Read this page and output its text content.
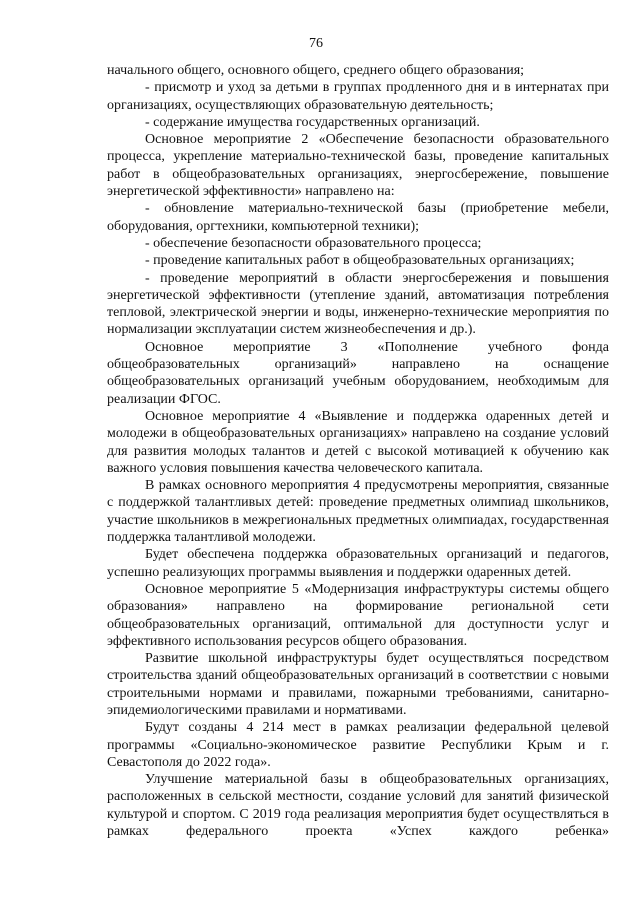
76

начального общего, основного общего, среднего общего образования;

- присмотр и уход за детьми в группах продленного дня и в интернатах при организациях, осуществляющих образовательную деятельность;

- содержание имущества государственных организаций.

Основное мероприятие 2 «Обеспечение безопасности образовательного процесса, укрепление материально-технической базы, проведение капитальных работ в общеобразовательных организациях, энергосбережение, повышение энергетической эффективности» направлено на:

- обновление материально-технической базы (приобретение мебели, оборудования, оргтехники, компьютерной техники);

- обеспечение безопасности образовательного процесса;

- проведение капитальных работ в общеобразовательных организациях;

- проведение мероприятий в области энергосбережения и повышения энергетической эффективности (утепление зданий, автоматизация потребления тепловой, электрической энергии и воды, инженерно-технические мероприятия по нормализации эксплуатации систем жизнеобеспечения и др.).

Основное мероприятие 3 «Пополнение учебного фонда общеобразовательных организаций» направлено на оснащение общеобразовательных организаций учебным оборудованием, необходимым для реализации ФГОС.

Основное мероприятие 4 «Выявление и поддержка одаренных детей и молодежи в общеобразовательных организациях» направлено на создание условий для развития молодых талантов и детей с высокой мотивацией к обучению как важного условия повышения качества человеческого капитала.

В рамках основного мероприятия 4 предусмотрены мероприятия, связанные с поддержкой талантливых детей: проведение предметных олимпиад школьников, участие школьников в межрегиональных предметных олимпиадах, государственная поддержка талантливой молодежи.

Будет обеспечена поддержка образовательных организаций и педагогов, успешно реализующих программы выявления и поддержки одаренных детей.

Основное мероприятие 5 «Модернизация инфраструктуры системы общего образования» направлено на формирование региональной сети общеобразовательных организаций, оптимальной для доступности услуг и эффективного использования ресурсов общего образования.

Развитие школьной инфраструктуры будет осуществляться посредством строительства зданий общеобразовательных организаций в соответствии с новыми строительными нормами и правилами, пожарными требованиями, санитарно-эпидемиологическими правилами и нормативами.

Будут созданы 4 214 мест в рамках реализации федеральной целевой программы «Социально-экономическое развитие Республики Крым и г. Севастополя до 2022 года».

Улучшение материальной базы в общеобразовательных организациях, расположенных в сельской местности, создание условий для занятий физической культурой и спортом. С 2019 года реализация мероприятия будет осуществляться в рамках федерального проекта «Успех каждого ребенка»
